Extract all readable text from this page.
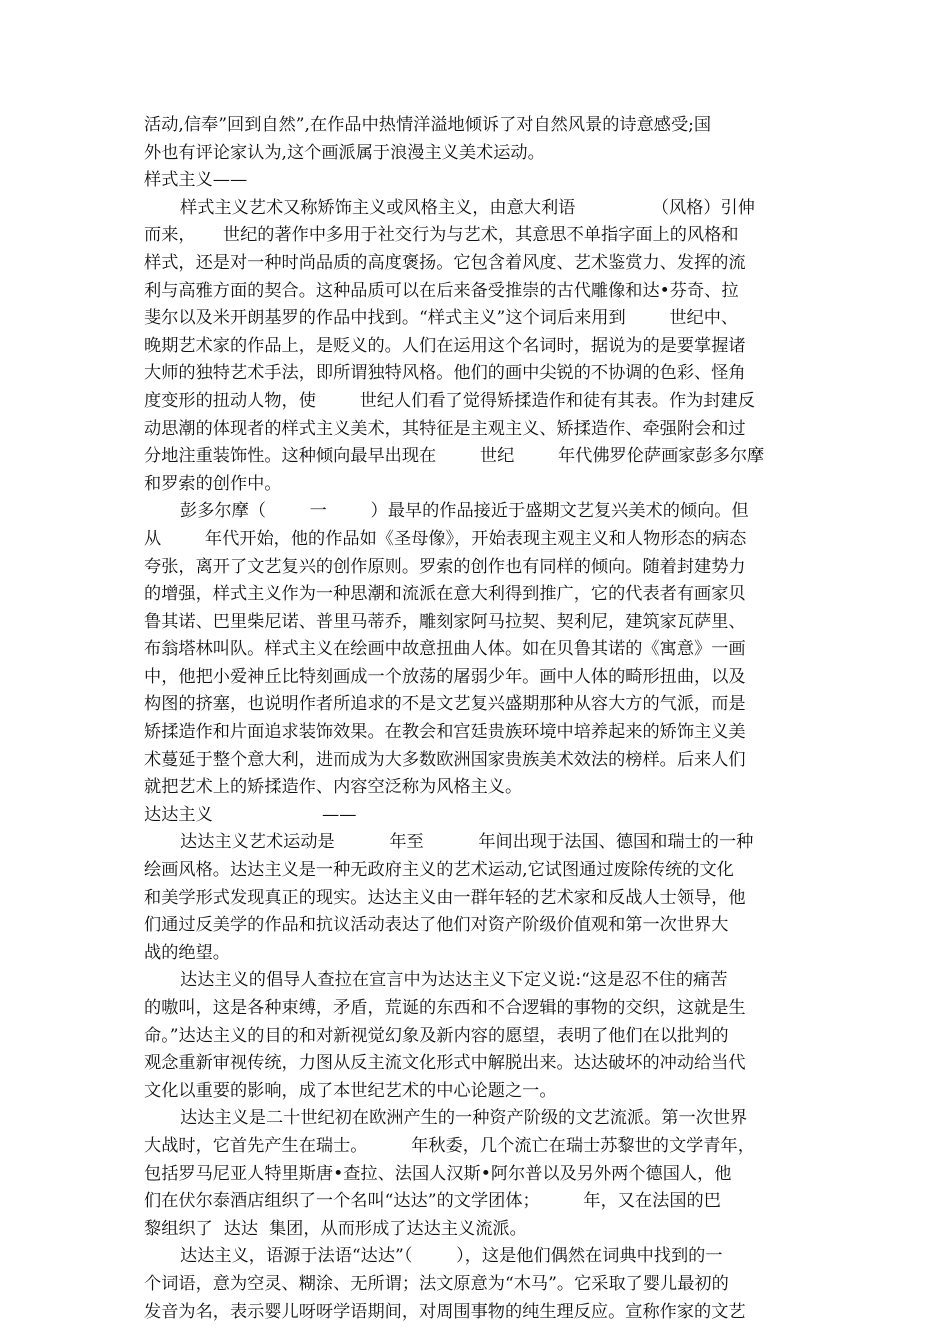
活动,信奉”回到自然”,在作品中热情洋溢地倾诉了对自然风景的诗意感受;国
外也有评论家认为,这个画派属于浪漫主义美术运动。
样式主义——
样式主义艺术又称矫饰主义或风格主义，由意大利语              （风格）引伸
而来，     世纪的著作中多用于社交行为与艺术，其意思不单指字面上的风格和
样式，还是对一种时尚品质的高度褒扬。它包含着风度、艺术鉴赏力、发挥的流
利与高雅方面的契合。这种品质可以在后来备受推崇的古代雕像和达•芬奇、拉
斐尔以及米开朗基罗的作品中找到。“样式主义”这个词后来用到        世纪中、
晚期艺术家的作品上，是贬义的。人们在运用这个名词时，据说为的是要掌握诸
大师的独特艺术手法，即所谓独特风格。他们的画中尖锐的不协调的色彩、怪角
度变形的扭动人物，使        世纪人们看了觉得矫揉造作和徒有其表。作为封建反
动思潮的体现者的样式主义美术，其特征是主观主义、矫揉造作、牵强附会和过
分地注重装饰性。这种倾向最早出现在        世纪        年代佛罗伦萨画家彭多尔摩
和罗索的创作中。
彭多尔摩（        一        ）最早的作品接近于盛期文艺复兴美术的倾向。但
从        年代开始，他的作品如《圣母像》，开始表现主观主义和人物形态的病态
夸张，离开了文艺复兴的创作原则。罗索的创作也有同样的倾向。随着封建势力
的增强，样式主义作为一种思潮和流派在意大利得到推广，它的代表者有画家贝
鲁其诺、巴里柴尼诺、普里马蒂乔，雕刻家阿马拉契、契利尼，建筑家瓦萨里、
布翁塔林叫队。样式主义在绘画中故意扭曲人体。如在贝鲁其诺的《寓意》一画
中，他把小爱神丘比特刻画成一个放荡的屠弱少年。画中人体的畸形扭曲，以及
构图的挤塞，也说明作者所追求的不是文艺复兴盛期那种从容大方的气派，而是
矫揉造作和片面追求装饰效果。在教会和宫廷贵族环境中培养起来的矫饰主义美
术蔓延于整个意大利，进而成为大多数欧洲国家贵族美术效法的榜样。后来人们
就把艺术上的矫揉造作、内容空泛称为风格主义。
达达主义                    ——
达达主义艺术运动是          年至          年间出现于法国、德国和瑞士的一种
绘画风格。达达主义是一种无政府主义的艺术运动,它试图通过废除传统的文化
和美学形式发现真正的现实。达达主义由一群年轻的艺术家和反战人士领导，他
们通过反美学的作品和抗议活动表达了他们对资产阶级价值观和第一次世界大
战的绝望。
达达主义的倡导人查拉在宣言中为达达主义下定义说:“这是忍不住的痛苦
的嗷叫，这是各种束缚，矛盾，荒诞的东西和不合逻辑的事物的交织，这就是生
命。”达达主义的目的和对新视觉幻象及新内容的愿望，表明了他们在以批判的
观念重新审视传统，力图从反主流文化形式中解脱出来。达达破坏的冲动给当代
文化以重要的影响，成了本世纪艺术的中心论题之一。
达达主义是二十世纪初在欧洲产生的一种资产阶级的文艺流派。第一次世界
大战时，它首先产生在瑞士。        年秋委，几个流亡在瑞士苏黎世的文学青年，
包括罗马尼亚人特里斯唐•查拉、法国人汉斯•阿尔普以及另外两个德国人，他
们在伏尔泰酒店组织了一个名叫“达达”的文学团体；        年，又在法国的巴
黎组织了  达达  集团，从而形成了达达主义流派。
达达主义，语源于法语“达达”（        ），这是他们偶然在词典中找到的一
个词语，意为空灵、糊涂、无所谓；法文原意为“木马”。它采取了婴儿最初的
发音为名，表示婴儿呀呀学语期间，对周围事物的纯生理反应。宣称作家的文艺
